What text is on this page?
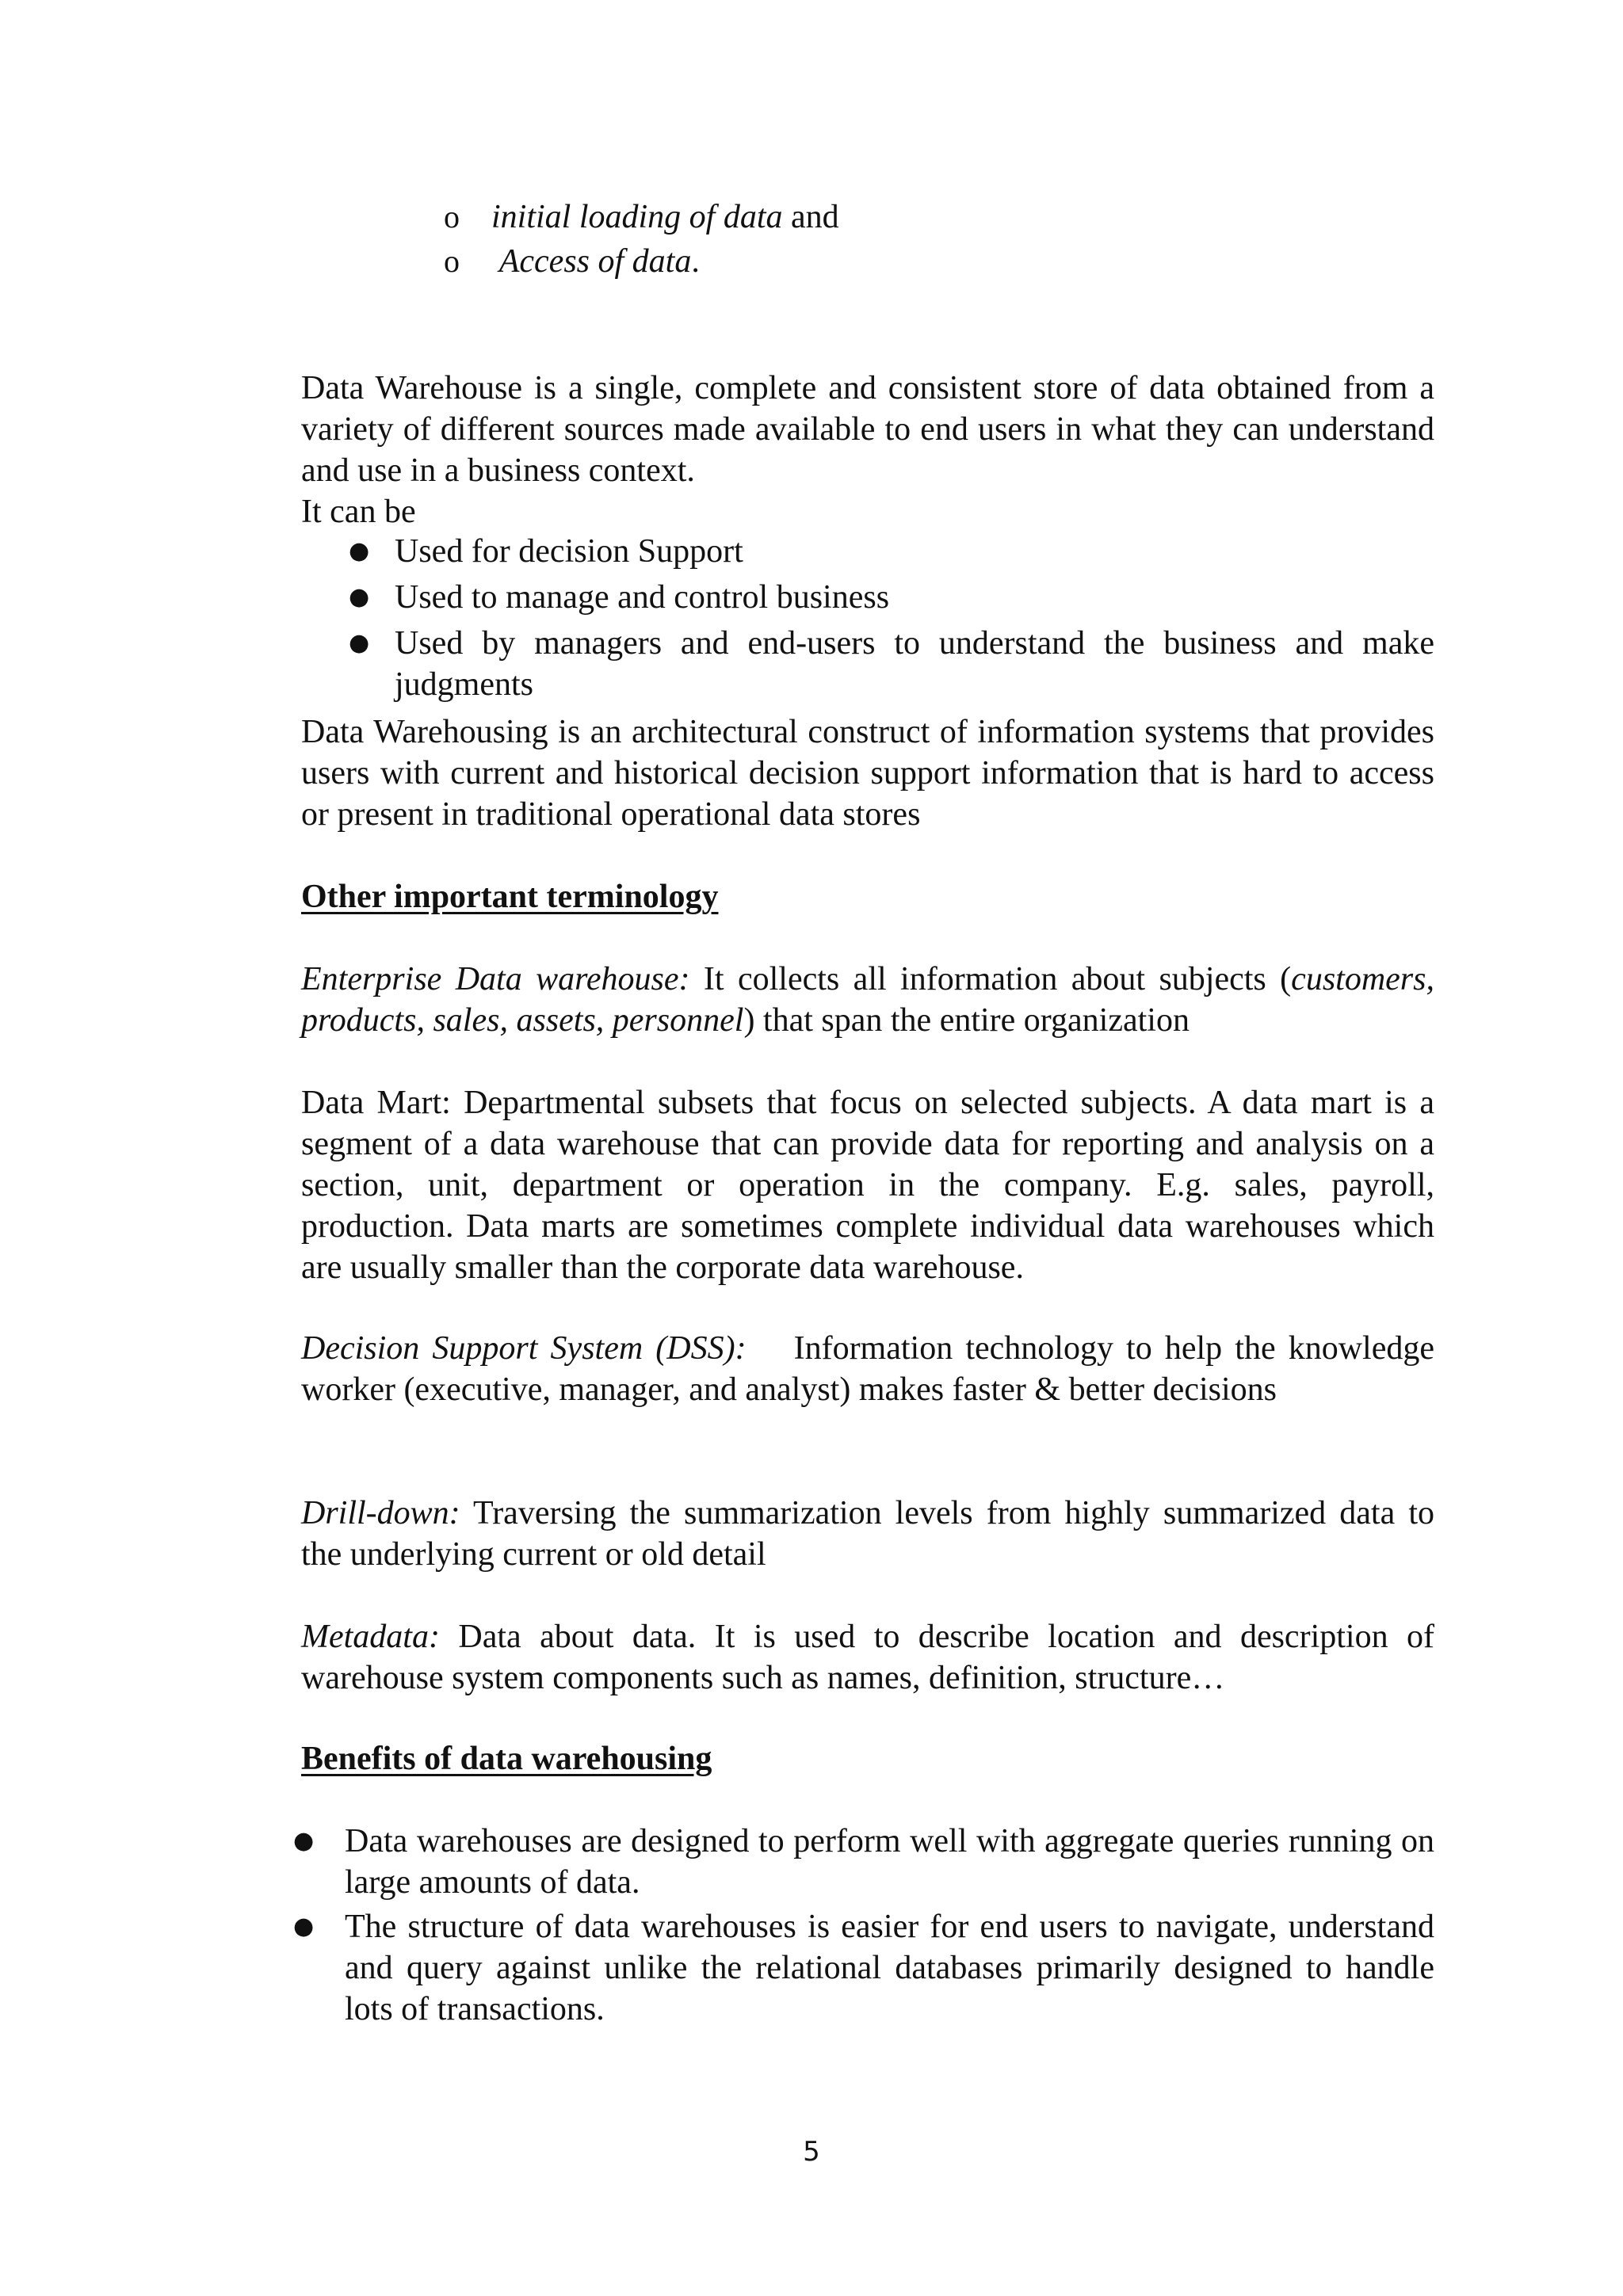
o initial loading of data and
o Access of data.

Data Warehouse is a single, complete and consistent store of data obtained from a variety of different sources made available to end users in what they can understand and use in a business context.

It can be

● Used for decision Support
● Used to manage and control business
● Used by managers and end-users to understand the business and make judgments

Data Warehousing is an architectural construct of information systems that provides users with current and historical decision support information that is hard to access or present in traditional operational data stores

Other important terminology

Enterprise Data warehouse: It collects all information about subjects (customers, products, sales, assets, personnel) that span the entire organization

Data Mart: Departmental subsets that focus on selected subjects. A data mart is a segment of a data warehouse that can provide data for reporting and analysis on a section, unit, department or operation in the company. E.g. sales, payroll, production. Data marts are sometimes complete individual data warehouses which are usually smaller than the corporate data warehouse.

Decision Support System (DSS): Information technology to help the knowledge worker (executive, manager, and analyst) makes faster & better decisions

Drill-down: Traversing the summarization levels from highly summarized data to the underlying current or old detail

Metadata: Data about data. It is used to describe location and description of warehouse system components such as names, definition, structure…

Benefits of data warehousing

● Data warehouses are designed to perform well with aggregate queries running on large amounts of data.
● The structure of data warehouses is easier for end users to navigate, understand and query against unlike the relational databases primarily designed to handle lots of transactions.
5
